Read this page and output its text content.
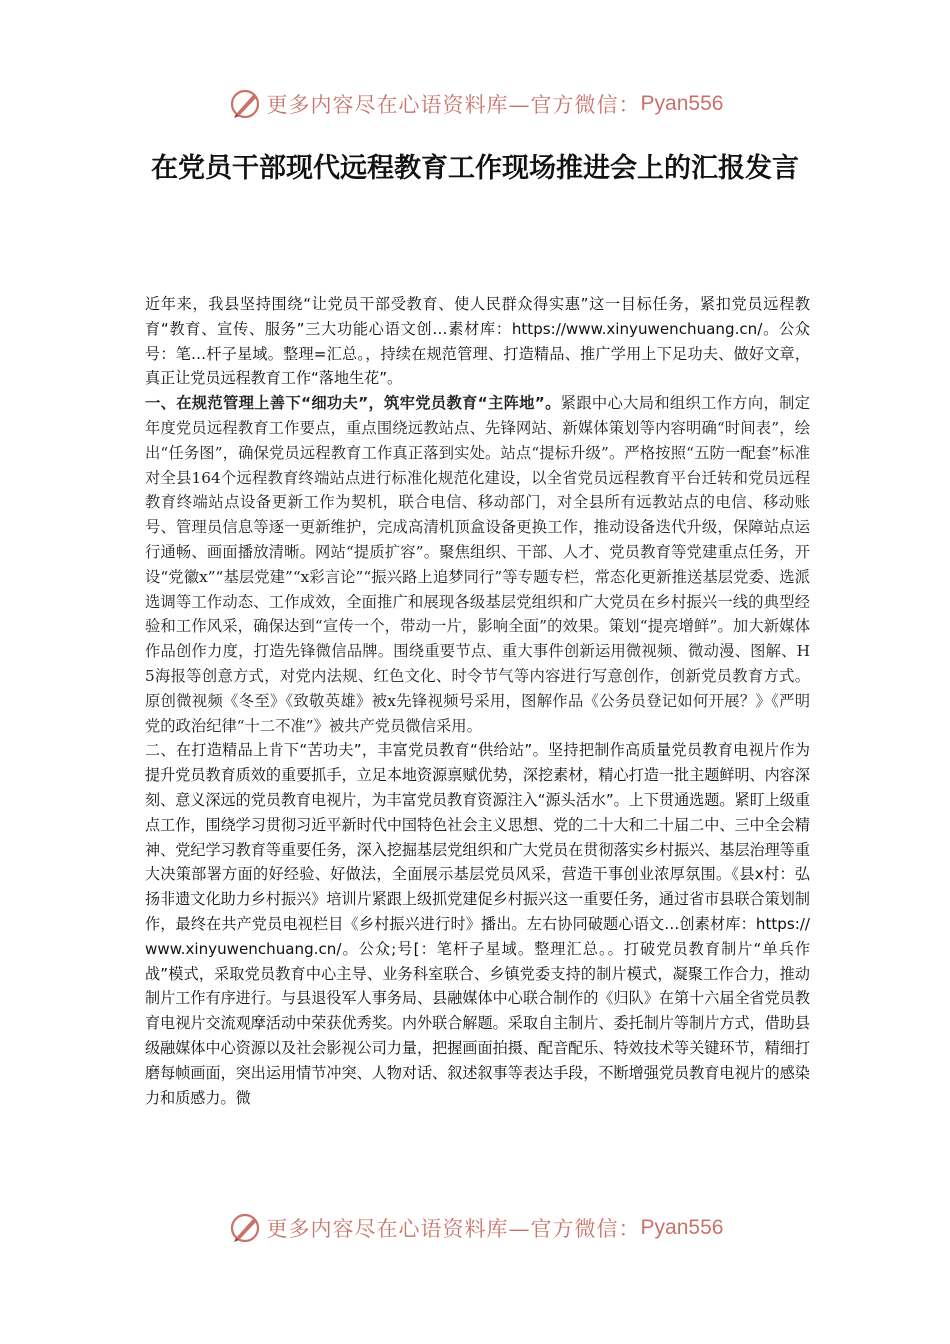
更多内容尽在心语资料库—官方微信： Pyan556
在党员干部现代远程教育工作现场推进会上的汇报发言

近年来，我县坚持围绕“让党员干部受教育、使人民群众得实惠”这一目标任务，紧扣党员远程教育“教育、宣传、服务”三大功能心语文创…素材库：https://www.xinyuwenchuang.cn/。公众号：笔…杆子星域。整理=汇总。，持续在规范管理、打造精品、推广学用上下足功夫、做好文章，真正让党员远程教育工作“落地生花”。

一、在规范管理上善下“细功夫”，筑牢党员教育“主阵地”。紧跟中心大局和组织工作方向，制定年度党员远程教育工作要点，重点围绕远教站点、先锋网站、新媒体策划等内容明确“时间表”，绘出“任务图”，确保党员远程教育工作真正落到实处。站点“提标升级”。严格按照“五防一配套”标准对全县164个远程教育终端站点进行标准化规范化建设，以全省党员远程教育平台迁转和党员远程教育终端站点设备更新工作为契机，联合电信、移动部门，对全县所有远教站点的电信、移动账号、管理员信息等逐一更新维护，完成高清机顶盒设备更换工作，推动设备迭代升级，保障站点运行通畅、画面播放清晰。网站“提质扩容”。聚焦组织、干部、人才、党员教育等党建重点任务，开设“党徽x”“基层党建”“x彩言论”“振兴路上追梦同行”等专题专栏，常态化更新推送基层党委、选派选调等工作动态、工作成效，全面推广和展现各级基层党组织和广大党员在乡村振兴一线的典型经验和工作风采，确保达到“宣传一个，带动一片，影响全面”的效果。策划“提亮增鲜”。加大新媒体作品创作力度，打造先锋微信品牌。围绕重要节点、重大事件创新运用微视频、微动漫、图解、H5海报等创意方式，对党内法规、红色文化、时令节气等内容进行写意创作，创新党员教育方式。原创微视频《冬至》《致敬英雄》被x先锋视频号采用，图解作品《公务员登记如何开展？》《严明党的政治纪律“十二不准”》被共产党员微信采用。

二、在打造精品上肯下“苦功夫”，丰富党员教育“供给站”。坚持把制作高质量党员教育电视片作为提升党员教育质效的重要抓手，立足本地资源禀赋优势，深挖素材，精心打造一批主题鲜明、内容深刻、意义深远的党员教育电视片，为丰富党员教育资源注入“源头活水”。上下贯通选题。紧盯上级重点工作，围绕学习贯彻习近平新时代中国特色社会主义思想、党的二十大和二十届二中、三中全会精神、党纪学习教育等重要任务，深入挖掘基层党组织和广大党员在贯彻落实乡村振兴、基层治理等重大决策部署方面的好经验、好做法，全面展示基层党员风采，营造干事创业浓厚氛围。《县x村：弘扬非遗文化助力乡村振兴》培训片紧跟上级抓党建促乡村振兴这一重要任务，通过省市县联合策划制作，最终在共产党员电视栏目《乡村振兴进行时》播出。左右协同破题心语文…创素材库：https://www.xinyuwenchuang.cn/。公众;号[：笔杆子星域。整理汇总。。打破党员教育制片“单兵作战”模式，采取党员教育中心主导、业务科室联合、乡镇党委支持的制片模式，凝聚工作合力，推动制片工作有序进行。与县退役军人事务局、县融媒体中心联合制作的《归队》在第十六届全省党员教育电视片交流观摩活动中荣获优秀奖。内外联合解题。采取自主制片、委托制片等制片方式，借助县级融媒体中心资源以及社会影视公司力量，把握画面拍摄、配音配乐、特效技术等关键环节，精细打磨每帧画面，突出运用情节冲突、人物对话、叙述叙事等表达手段，不断增强党员教育电视片的感染力和质感力。微

更多内容尽在心语资料库—官方微信： Pyan556
